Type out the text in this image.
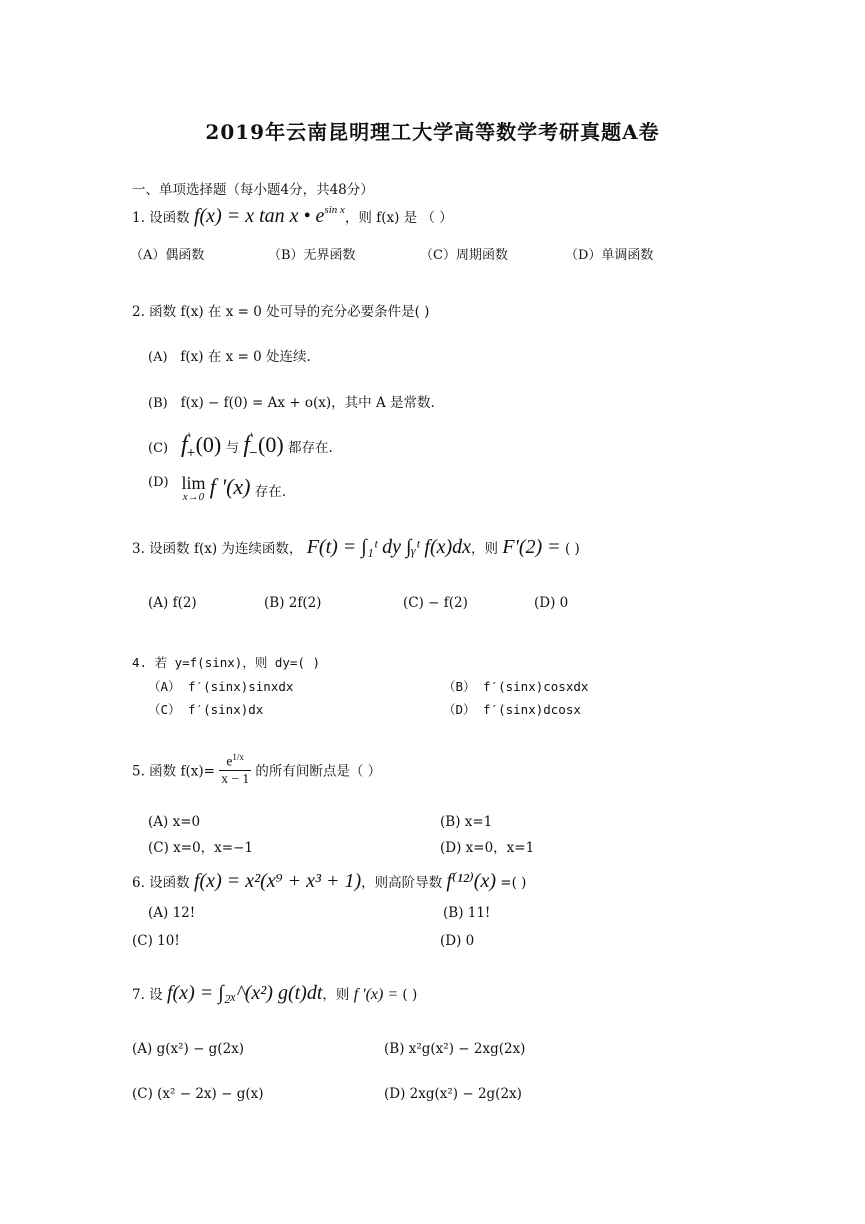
2019年云南昆明理工大学高等数学考研真题A卷
一、单项选择题（每小题4分，共48分）
1. 设函数 f(x) = x tan x • $e^{sin x}$，则 f(x) 是 （ ）
（A）偶函数	（B）无界函数	（C）周期函数	（D）单调函数
2. 函数 f(x) 在 x = 0 处可导的充分必要条件是( )
(A) f(x) 在 x = 0 处连续.
(B) f(x) − f(0) = Ax + o(x)，其中 A 是常数.
(C) $f'_+(0)$ 与 $f'_-(0)$ 都存在.
(D) lim
x→0 f '(x) 存在.
3. 设函数 f(x) 为连续函数， F(t) = ∫₁ᵗ dy ∫ᵧᵗ f(x)dx，则 F'(2) = ( )
(A) f(2)	(B) 2f(2)	(C) − f(2)	(D) 0
4. 若 y=f(sinx)，则 dy=( )
（A） f′(sinx)sinxdx	（B） f′(sinx)cosxdx
（C） f′(sinx)dx	（D） f′(sinx)dcosx
5. 函数 $f(x)= \frac{e^{1/x}}{x - 1}$ 的所有间断点是（ ）
(A) x=0	(B) x=1
(C) x=0，x=−1	(D) x=0，x=1
6. 设函数 f(x) = x²(x⁹ + x³ + 1)，则高阶导数 f⁽¹²⁾(x) =( )
(A) 12!	(B) 11!
(C) 10!	(D) 0
7. 设 f(x) = ∫₂ₓ^(x²) g(t)dt，则 f '(x) = ( )
(A) g(x²) − g(2x)	(B) x²g(x²) − 2xg(2x)
(C) (x² − 2x) − g(x)	(D) 2xg(x²) − 2g(2x)
